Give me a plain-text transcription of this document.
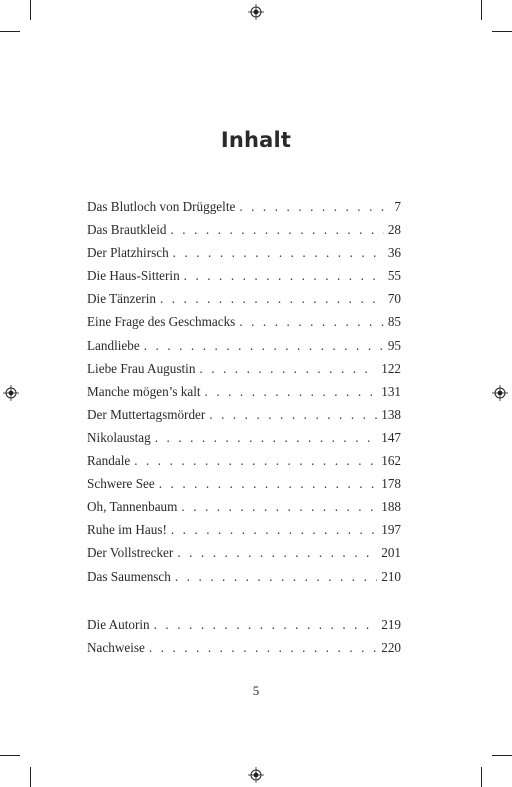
Inhalt
Das Blutloch von Drüggelte . . .	7
Das Brautkleid . . .	28
Der Platzhirsch . . .	36
Die Haus-Sitterin . . .	55
Die Tänzerin . . .	70
Eine Frage des Geschmacks . . .	85
Landliebe . . .	95
Liebe Frau Augustin . . .	122
Manche mögen’s kalt . . .	131
Der Muttertagsmörder . . .	138
Nikolaustag . . .	147
Randale . . .	162
Schwere See . . .	178
Oh, Tannenbaum . . .	188
Ruhe im Haus! . . .	197
Der Vollstrecker . . .	201
Das Saumensch . . .	210
Die Autorin . . .	219
Nachweise . . .	220
5
